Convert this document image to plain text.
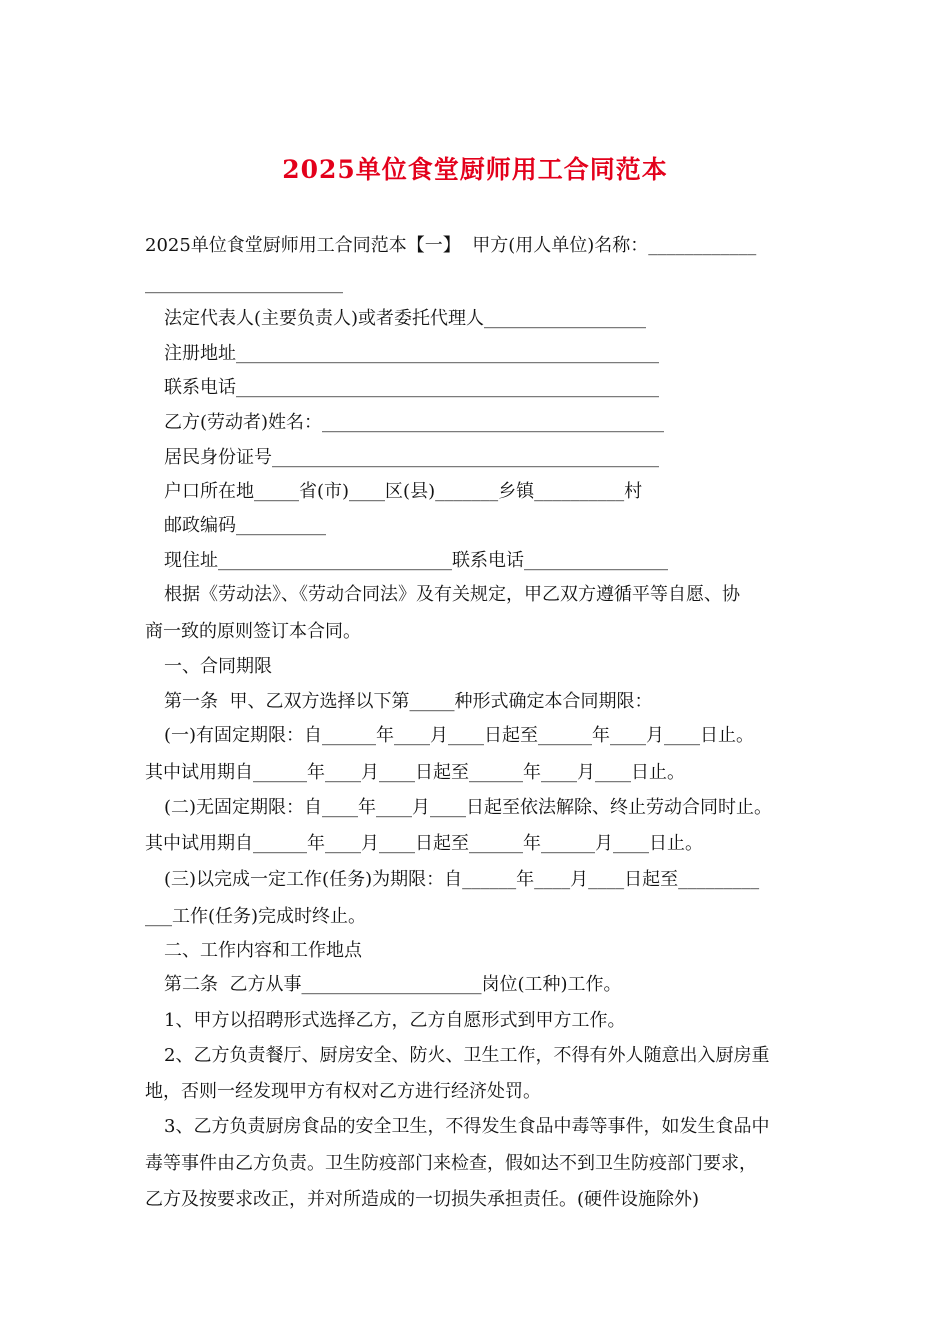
2025单位食堂厨师用工合同范本
2025单位食堂厨师用工合同范本【一】  甲方(用人单位)名称：____________
______________________
法定代表人(主要负责人)或者委托代理人__________________
注册地址_______________________________________________
联系电话_______________________________________________
乙方(劳动者)姓名：______________________________________
居民身份证号___________________________________________
户口所在地_____省(市)____区(县)_______乡镇__________村
邮政编码__________
现住址__________________________联系电话________________
根据《劳动法》、《劳动合同法》及有关规定，甲乙双方遵循平等自愿、协
商一致的原则签订本合同。
一、合同期限
第一条  甲、乙双方选择以下第_____种形式确定本合同期限：
(一)有固定期限：自______年____月____日起至______年____月____日止。
其中试用期自______年____月____日起至______年____月____日止。
(二)无固定期限：自____年____月____日起至依法解除、终止劳动合同时止。
其中试用期自______年____月____日起至______年______月____日止。
(三)以完成一定工作(任务)为期限：自______年____月____日起至_________
___工作(任务)完成时终止。
二、工作内容和工作地点
第二条  乙方从事____________________岗位(工种)工作。
1、甲方以招聘形式选择乙方，乙方自愿形式到甲方工作。
2、乙方负责餐厅、厨房安全、防火、卫生工作，不得有外人随意出入厨房重
地，否则一经发现甲方有权对乙方进行经济处罚。
3、乙方负责厨房食品的安全卫生，不得发生食品中毒等事件，如发生食品中
毒等事件由乙方负责。卫生防疫部门来检查，假如达不到卫生防疫部门要求，
乙方及按要求改正，并对所造成的一切损失承担责任。(硬件设施除外)
